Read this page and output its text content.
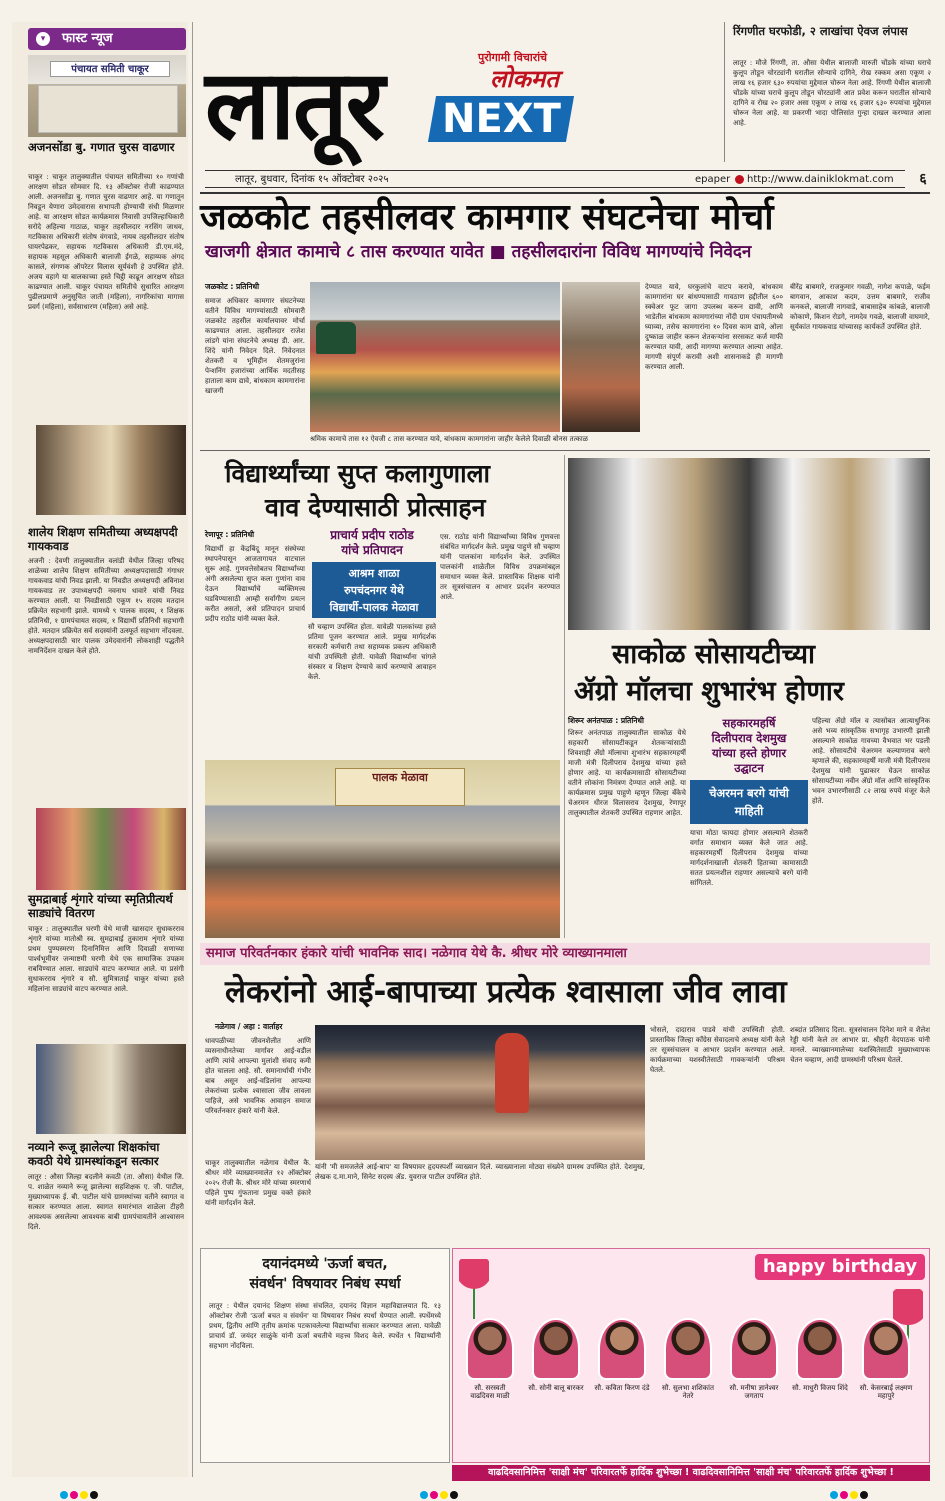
फास्ट न्यूज
▾
पंचायत समिती चाकूर
अजनसोंडा बु. गणात चुरस वाढणार
चाकूर : चाकूर तालुक्यातील पंचायत समितीच्या १० गणांची आरक्षण सोडत सोमवार दि. १३ ऑक्टोबर रोजी काढण्यात आली. अजनसोंडा बु. गणात चुरस वाढणार आहे. या गणातून निवडून येणारा उमेदवारास सभापती होण्याची संधी मिळणार आहे. या आरक्षण सोडत कार्यक्रमास निवासी उपजिल्हाधिकारी सरोदे अहिल्या गाठाळ, चाकूर तहसीलदार नरसिंग जाधव, गटविकास अधिकारी संतोष वंगवाडे, नायब तहसीलदार संतोष घायरपेढकर, सहायक गटविकास अधिकारी डी.एम.मंदे, सहायक महसूल अधिकारी बालाजी ईगळे, सहाय्यक अंगद कासले, संगणक ऑपरेटर विलास सूर्यवंशी हे उपस्थित होते. अजय वहागे या बालकाच्या हस्ते चिट्ठी काढून आरक्षण सोडत काढण्यात आली. चाकूर पंचायत समितीचे सुधारित आरक्षण पुढीलप्रमाणे अनुसूचित जाती (महिला), नागरिकांचा मागास प्रवर्ग (महिला), सर्वसाधारण (महिला) असे आहे.
शालेय शिक्षण समितीच्या अध्यक्षपदी गायकवाड
अजनी : देवणी तालुक्यातील वलांडी येथील जिल्हा परिषद शाळेच्या शालेय शिक्षण समितीच्या अध्यक्षपदासाठी गंगाधर गायकवाड यांची निवड झाली. या निवडीत अध्यक्षपदी अविनाश गायकवाड तर उपाध्यक्षपदी नवनाथ धावारे यांची निवड करण्यात आली. या निवडीसाठी एकूण १५ सदस्य मतदान प्रक्रियेत सहभागी झाले. यामध्ये ९ पालक सदस्य, १ शिक्षक प्रतिनिधी, १ ग्रामपंचायत सदस्य, १ विद्यार्थी प्रतिनिधी सहभागी होते. मतदान प्रक्रियेत सर्व सदस्यांनी उत्स्फूर्त सहभाग नोंदवला. अध्यक्षपदासाठी चार पालक उमेदवारांनी लोकशाही पद्धतीने नामनिर्देशन दाखल केले होते.
सुमद्राबाई शृंगारे यांच्या स्मृतिप्रीत्यर्थ साड्यांचे वितरण
चाकूर : तालुक्यातील घरणी येथे माजी खासदार सुधाकरराव शृंगारे यांच्या मातोश्री स्व. सुमद्राबाई तुकाराम शृंगारे यांच्या प्रथम पुण्यस्मरण दिनानिमित्त आणि दिवाळी सणाच्या पार्श्वभूमीवर जन्माष्टमी घरणी येथे एक सामाजिक उपक्रम राबविण्यात आला. साड्यांचे वाटप करण्यात आले. या प्रसंगी सुधाकरराव शृंगारे व सौ. सुमित्राताई चाकूर यांच्या हस्ते महिलांना साड्यांचे वाटप करण्यात आले.
नव्याने रूजू झालेल्या शिक्षकांचा कवठी येथे ग्रामस्थांकडून सत्कार
लातूर : औसा जिल्हा बदलीने कवठी (ता. औसा) येथील जि. प. शाळेत नव्याने रूजू झालेल्या सहशिक्षक ए. जी. पाटील, मुख्याध्यापक ई. बी. पाटील यांचे ग्रामस्थांच्या वतीने स्वागत व सत्कार करण्यात आला. स्वागत समारंभात शाळेला टीहरी आवश्यक असलेल्या आवश्यक बाबी ग्रामपंचायतीने आश्वासन दिले.
लातूर	पुरोगामी विचारांचे
लोकमत
NEXT
लातूर, बुधवार, दिनांक १५ ऑक्टोबर २०२५	epaper http://www.dainiklokmat.com	६
रिंगणीत घरफोडी, २ लाखांचा ऐवज लंपास
लातूर : मौजे रिंगणी, ता. औसा येथील बालाजी मारुती चोंडके यांच्या घराचे कुलूप तोडून चोरट्यांनी घरातील सोन्याचे दागिने, रोख रक्कम असा एकूण २ लाख १६ हजार ६३० रुपयांचा मुद्देमाल चोरून नेला आहे. रिंगणी येथील बालाजी चोंडके यांच्या घराचे कुलूप तोडून चोरट्यांनी आत प्रवेश करून घरातील सोन्याचे दागिने व रोख २० हजार असा एकूण २ लाख १६ हजार ६३० रुपयांचा मुद्देमाल चोरून नेला आहे. या प्रकरणी भादा पोलिसांत गुन्हा दाखल करण्यात आला आहे.
जळकोट तहसीलवर कामगार संघटनेचा मोर्चा
खाजगी क्षेत्रात कामाचे ८ तास करण्यात यावेत ■ तहसीलदारांना विविध मागण्यांचे निवेदन
जळकोट : प्रतिनिधी
समाज अधिकार कामगार संघटनेच्या वतीने विविध मागण्यांसाठी सोमवारी जळकोट तहसील कार्यालयावर मोर्चा काढण्यात आला. तहसीलदार राजेश लांडगे यांना संघटनेचे अध्यक्ष डी. आर. शिंदे यांनी निवेदन दिले. निवेदनात शेतकरी व भूमिहीन शेतमजुरांना पेन्शनिंग हजारांच्या आर्थिक मदतीसह हाताला काम द्यावे, बांधकाम कामगारांना खाजगी
श्रमिक कामाचे तास १२ ऐवजी ८ तास करण्यात यावे, बांधकाम कामगारांना जाहीर केलेले दिवाळी बोनस तत्काळ
देण्यात यावे, घरकुलांचे वाटप करावे, बांधकाम कामगारांना घर बांधण्यासाठी गावठाण हद्दीतील ६०० स्क्वेअर फूट जागा उपलब्ध करून द्यावी, आणि भाडेतील बांधकाम कामगारांच्या नोंदी ग्राम पंचायतीमध्ये घ्याव्या, तसेच कामगारांना १० दिवस काम द्यावे, ओला दुष्काळ जाहीर करून शेतकऱ्यांना सरसकट कर्ज माफी करण्यात यावी, आदी मागण्या करण्यात आल्या आहेत. मागणी संपूर्ण करावी अशी शासनाकडे ही मागणी करण्यात आली.
बीरेंद्र बाबमारे, राजकुमार गवळी, नागेश कपाळे, फईम बागवान, आकाश कदम, उत्तम बाबमारे, राजीव कनकले, बालाजी नागवाडे, बाबासाहेब कांबळे, बालाजी कोकाणे, किशन रोडगे, नामदेव गवळे, बालाजी वाघमारे, सूर्यकांत गायकवाड यांच्यासह कार्यकर्ते उपस्थित होते.
विद्यार्थ्यांच्या सुप्त कलागुणाला
वाव देण्यासाठी प्रोत्साहन
रेणापूर : प्रतिनिधी	प्राचार्य प्रदीप राठोड
यांचे प्रतिपादन
आश्रम शाळा
रुपचंदनगर येथे
विद्यार्थी-पालक मेळावा
विद्यार्थी हा केंद्रबिंदू मानून संस्थेच्या स्थापनेपासून आजतागायत वाटचाल सुरू आहे. गुणवत्तेसोबतच विद्यार्थ्यांच्या अंगी असलेल्या सुप्त कला गुणांना वाव देऊन विद्यार्थ्यांचे व्यक्तिमत्त्व घडविण्यासाठी आम्ही सर्वांगीण प्रयत्न करीत असतो, असे प्रतिपादन प्राचार्य प्रदीप राठोड यांनी व्यक्त केले.
सौ चव्हाण उपस्थित होता. यावेळी पालकांच्या हस्ते प्रतिमा पूजन करण्यात आले. प्रमुख मार्गदर्शक सरकारी कर्मचारी तथा सहाय्यक प्रकल्प अधिकारी यांची उपस्थिती होती. यावेळी विद्यार्थ्यांना चांगले संस्कार व शिक्षण देण्याचे कार्य करण्याचे आवाहन केले.
एस. राठोड यांनी विद्यार्थ्यांच्या विविध गुणवत्ता संबंधित मार्गदर्शन केले. प्रमुख पाहुणे सौ चव्हाण यांनी पालकांना मार्गदर्शन केले. उपस्थित पालकांनी शाळेतील विविध उपक्रमांबद्दल समाधान व्यक्त केले. प्रास्ताविक शिक्षक यांनी तर सूत्रसंचालन व आभार प्रदर्शन करण्यात आले.
पालक मेळावा
साकोळ सोसायटीच्या
ॲग्रो मॉलचा शुभारंभ होणार
शिरूर अनंतपाळ : प्रतिनिधी	सहकारमहर्षि
दिलीपराव देशमुख
यांच्या हस्ते होणार
उद्घाटन
चेअरमन बरगे यांची
माहिती
शिरूर अनंतपाळ तालुक्यातील साकोळ येथे सहकारी सोसायटीकडून शेतकऱ्यांसाठी शिवशाही ॲग्रो मॉल्सचा शुभारंभ सहकारमहर्षी माजी मंत्री दिलीपराव देशमुख यांच्या हस्ते होणार आहे. या कार्यक्रमासाठी सोसायटीच्या वतीने लोकांना निमंत्रण देण्यात आले आहे. या कार्यक्रमास प्रमुख पाहुणे म्हणून जिल्हा बँकेचे चेअरमन धीरज विलासराव देशमुख, रेणापूर तालुक्यातील शेतकरी उपस्थित राहणार आहेत.
याचा मोठा फायदा होणार असल्याने शेतकरी वर्गात समाधान व्यक्त केले जात आहे. सहकारमहर्षी दिलीपराव देशमुख यांच्या मार्गदर्शनाखाली शेतकरी हिताच्या कामासाठी सतत प्रयत्नशील राहणार असल्याचे बरगे यांनी सांगितले.
पहिल्या ॲग्रो मॉल व त्यासोबत आत्याधुनिक असे भव्य सांस्कृतिक सभागृह उभारणी झाली असल्याने साकोळ गावच्या वैभवात भर पडली आहे. सोसायटीचे चेअरमन कल्याणराव बरगे म्हणाले की, सहकारमहर्षी माजी मंत्री दिलीपराव देशमुख यांनी पुढाकार घेऊन साकोळ सोसायटीच्या नवीन ॲग्रो मॉल आणि सांस्कृतिक भवन उभारणीसाठी ८२ लाख रुपये मंजूर केले होते.
समाज परिवर्तनकार हंकारे यांची भावनिक साद। नळेगाव येथे कै. श्रीधर मोरे व्याख्यानमाला
लेकरांनो आई-बापाच्या प्रत्येक श्वासाला जीव लावा
नळेगाव / अहा : वार्ताहर
धावपळीच्या जीवनशैलीत आणि व्यसनाधीनतेच्या मार्गावर आई-वडील आणि त्यांचे आपल्या मुलांशी संवाद कमी होत चालला आहे. सौ. समानार्थाची गंभीर बाब असून आई-वडिलांना आपल्या लेकरांच्या प्रत्येक श्वासाला जीव लावला पाहिजे, असे भावनिक आवाहन समाज परिवर्तनकार हंकारे यांनी केले.
चाकूर तालुक्यातील नळेगाव येथील कै. श्रीधर मोरे व्याख्यानमालेत १२ ऑक्टोबर २०२५ रोजी कै. श्रीधर मोरे यांच्या स्मरणार्थ पहिले पुष्प गुंफताना प्रमुख वक्ते हंकारे यांनी मार्गदर्शन केले.
यांनी 'मी समजलेले आई-बाप' या विषयावर हृदयस्पर्शी व्याख्यान दिले. व्याख्यानाला मोठ्या संख्येने ग्रामस्थ उपस्थित होते. देशमुख, लेखक द.मा.माने, सिनेट सदस्य ॲड. युवराज पाटील उपस्थित होते.
भोसले, दादाराव पाडवे यांची उपस्थिती होती. प्रास्ताविक जिल्हा काँग्रेस सेवादलाचे अध्यक्ष यांनी केले तर सूत्रसंचालन व आभार प्रदर्शन करण्यात आले. कार्यक्रमाच्या यशस्वीतेसाठी गावकऱ्यांनी परिश्रम घेतले.
शब्दांत प्रतिसाद दिला. सूत्रसंचालन दिनेश माने व शैलेश रेड्डी यांनी केले तर आभार प्रा. श्रीहरी वेदपाठक यांनी मानले. व्याख्यानमालेच्या यशस्वितेसाठी मुख्याध्यापक चेतन चव्हाण, आदी ग्रामस्थांनी परिश्रम घेतले.
दयानंदमध्ये 'ऊर्जा बचत,
संवर्धन' विषयावर निबंध स्पर्धा
लातूर : येथील दयानंद शिक्षण संस्था संचलित, दयानंद विज्ञान महाविद्यालयात दि. १३ ऑक्टोबर रोजी 'ऊर्जा बचत व संवर्धन' या विषयावर निबंध स्पर्धा घेण्यात आली. स्पर्धेमध्ये प्रथम, द्वितीय आणि तृतीय क्रमांक पटकावलेल्या विद्यार्थ्यांचा सत्कार करण्यात आला. यावेळी प्राचार्य डॉ. जयंदर साळुंके यांनी ऊर्जा बचतीचे महत्त्व विशद केले. स्पर्धेत ९ विद्यार्थ्यांनी सहभाग नोंदविला.
happy birthday
सौ. सरस्वती वाढदिवस माळी
सौ. सोनी बालू बारकर सौ. कविता किरण दंडे सौ. सुलभा शशिकांत नेतरे
सौ. मनीषा ज्ञानेश्वर जगताप
सौ. माधुरी विजय शिंदे सौ. केसरबाई लक्ष्मण महापुरे
वाढदिवसानिमित्त 'साक्षी मंच' परिवारतर्फे हार्दिक शुभेच्छा ! वाढदिवसानिमित्त 'साक्षी मंच' परिवारतर्फे हार्दिक शुभेच्छा !
